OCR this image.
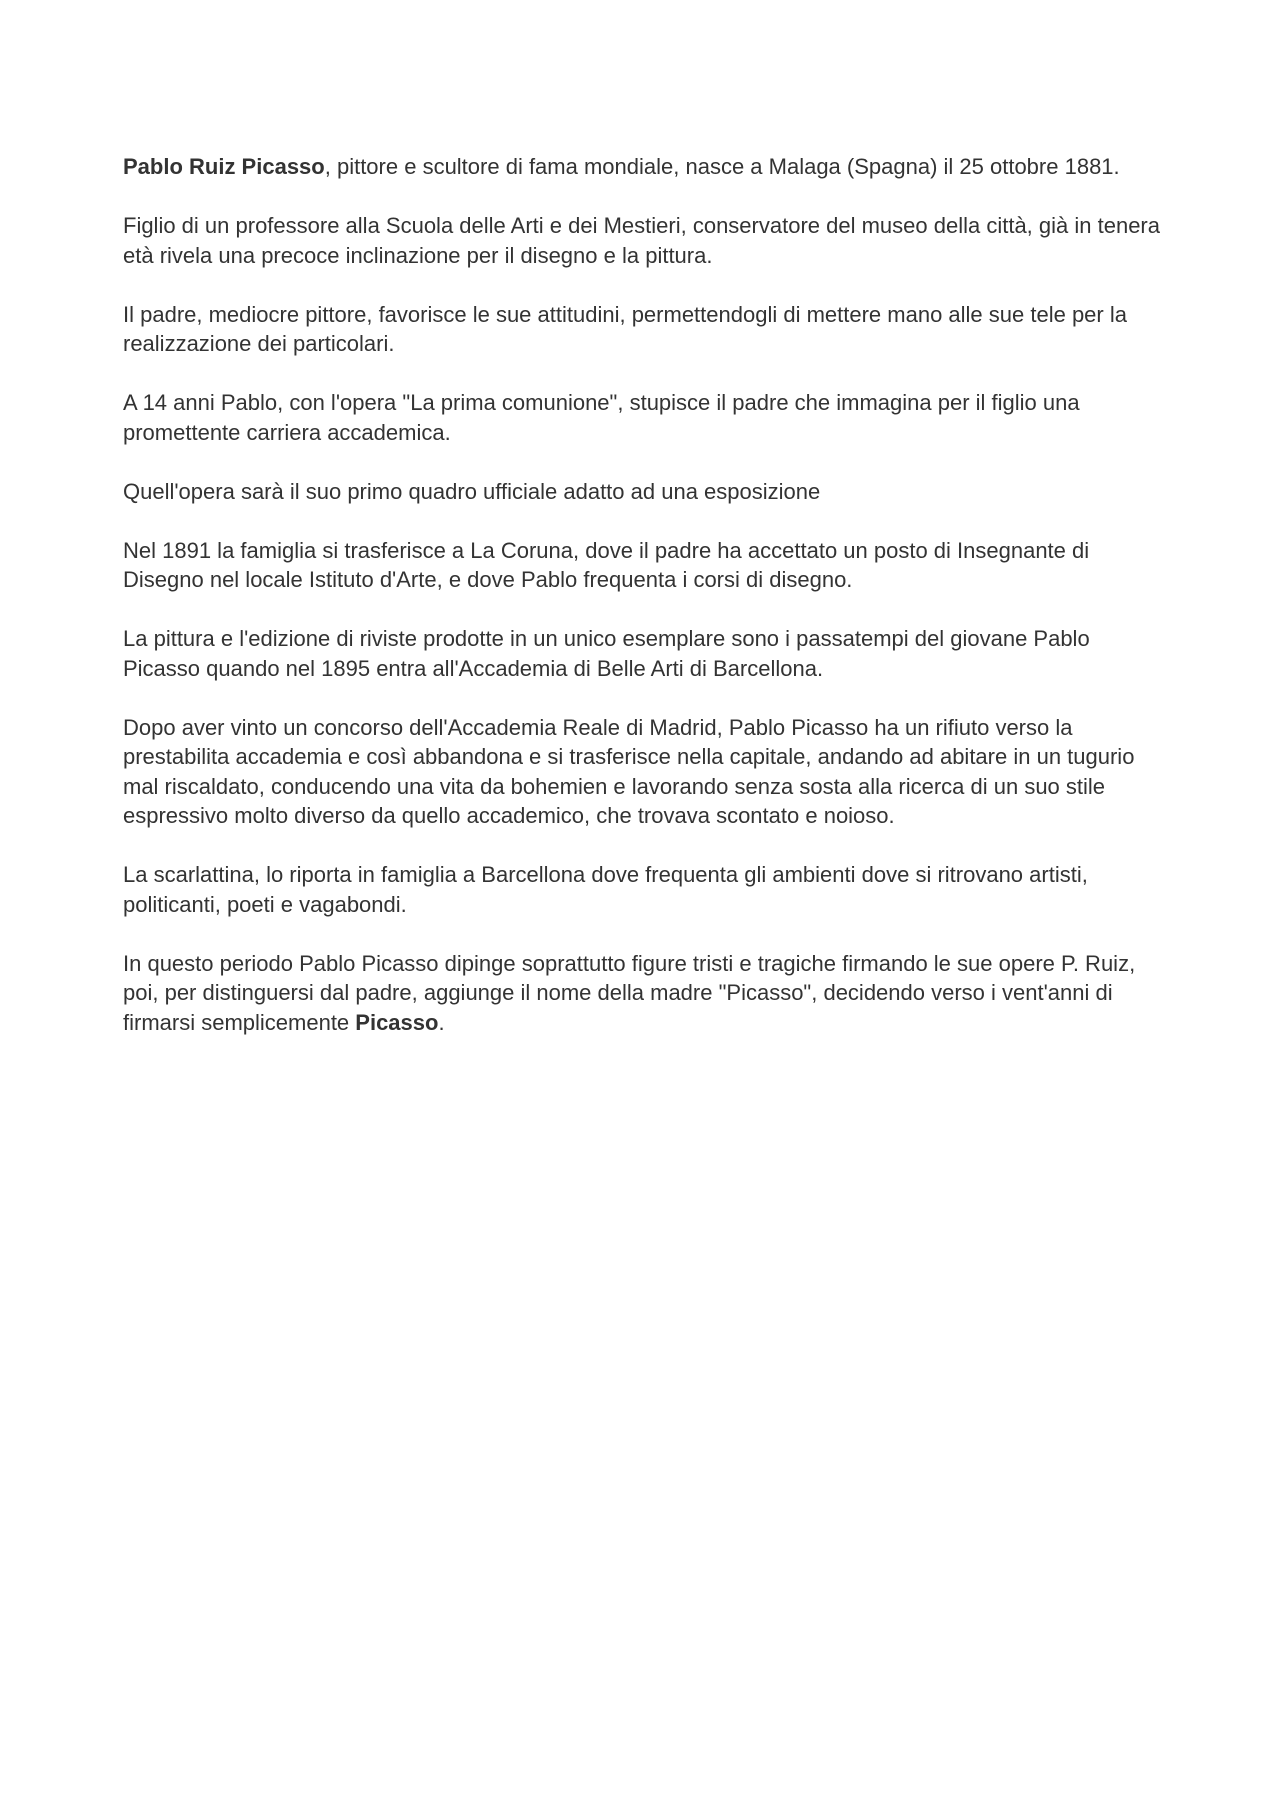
Pablo Ruiz Picasso, pittore e scultore di fama mondiale, nasce a Malaga (Spagna) il 25 ottobre 1881.

Figlio di un professore alla Scuola delle Arti e dei Mestieri, conservatore del museo della città, già in tenera età rivela una precoce inclinazione per il disegno e la pittura.

Il padre, mediocre pittore, favorisce le sue attitudini, permettendogli di mettere mano alle sue tele per la realizzazione dei particolari.

A 14 anni Pablo, con l'opera "La prima comunione", stupisce il padre che immagina per il figlio una promettente carriera accademica.

Quell'opera sarà il suo primo quadro ufficiale adatto ad una esposizione

Nel 1891 la famiglia si trasferisce a La Coruna, dove il padre ha accettato un posto di Insegnante di Disegno nel locale Istituto d'Arte, e dove Pablo frequenta i corsi di disegno.

La pittura e l'edizione di riviste prodotte in un unico esemplare sono i passatempi del giovane Pablo Picasso quando nel 1895 entra all'Accademia di Belle Arti di Barcellona.

Dopo aver vinto un concorso dell'Accademia Reale di Madrid, Pablo Picasso ha un rifiuto verso la prestabilita accademia e così abbandona e si trasferisce nella capitale, andando ad abitare in un tugurio mal riscaldato, conducendo una vita da bohemien e lavorando senza sosta alla ricerca di un suo stile espressivo molto diverso da quello accademico, che trovava scontato e noioso.

La scarlattina, lo riporta in famiglia a Barcellona dove frequenta gli ambienti dove si ritrovano artisti, politicanti, poeti e vagabondi.

In questo periodo Pablo Picasso dipinge soprattutto figure tristi e tragiche firmando le sue opere P. Ruiz, poi, per distinguersi dal padre, aggiunge il nome della madre "Picasso", decidendo verso i vent'anni di firmarsi semplicemente Picasso.
